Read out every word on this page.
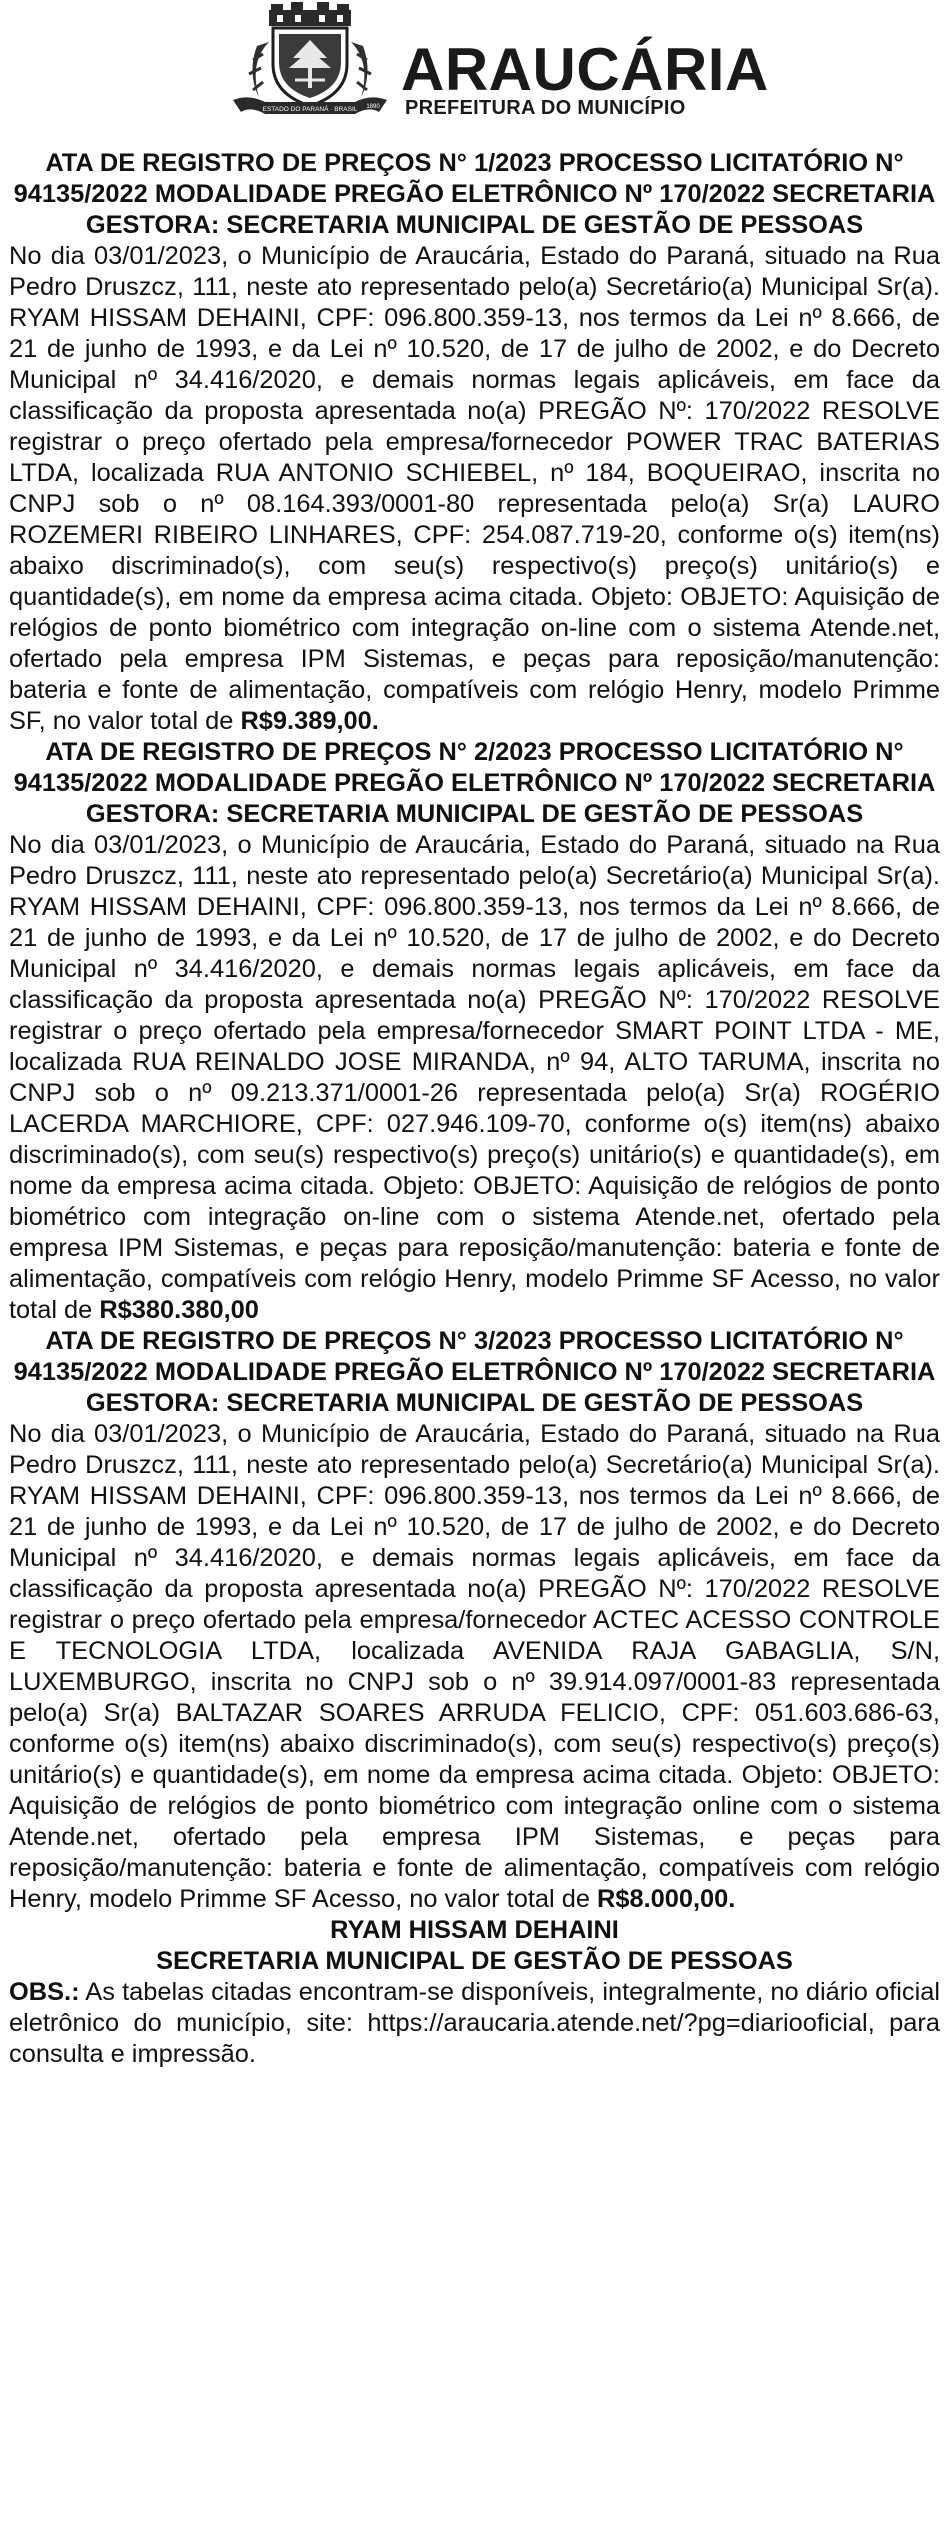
ESTADO DO PARANÁ · BRASIL 1890
ARAUCÁRIA
PREFEITURA DO MUNICÍPIO

ATA DE REGISTRO DE PREÇOS N° 1/2023 PROCESSO LICITATÓRIO N° 94135/2022 MODALIDADE PREGÃO ELETRÔNICO Nº 170/2022 SECRETARIA GESTORA: SECRETARIA MUNICIPAL DE GESTÃO DE PESSOAS

No dia 03/01/2023, o Município de Araucária, Estado do Paraná, situado na Rua Pedro Druszcz, 111, neste ato representado pelo(a) Secretário(a) Municipal Sr(a). RYAM HISSAM DEHAINI, CPF: 096.800.359-13, nos termos da Lei nº 8.666, de 21 de junho de 1993, e da Lei nº 10.520, de 17 de julho de 2002, e do Decreto Municipal nº 34.416/2020, e demais normas legais aplicáveis, em face da classificação da proposta apresentada no(a) PREGÃO Nº: 170/2022 RESOLVE registrar o preço ofertado pela empresa/fornecedor POWER TRAC BATERIAS LTDA, localizada RUA ANTONIO SCHIEBEL, nº 184, BOQUEIRAO, inscrita no CNPJ sob o nº 08.164.393/0001-80 representada pelo(a) Sr(a) LAURO ROZEMERI RIBEIRO LINHARES, CPF: 254.087.719-20, conforme o(s) item(ns) abaixo discriminado(s), com seu(s) respectivo(s) preço(s) unitário(s) e quantidade(s), em nome da empresa acima citada. Objeto: OBJETO: Aquisição de relógios de ponto biométrico com integração on-line com o sistema Atende.net, ofertado pela empresa IPM Sistemas, e peças para reposição/manutenção: bateria e fonte de alimentação, compatíveis com relógio Henry, modelo Primme SF, no valor total de R$9.389,00.

ATA DE REGISTRO DE PREÇOS N° 2/2023 PROCESSO LICITATÓRIO N° 94135/2022 MODALIDADE PREGÃO ELETRÔNICO Nº 170/2022 SECRETARIA GESTORA: SECRETARIA MUNICIPAL DE GESTÃO DE PESSOAS

No dia 03/01/2023, o Município de Araucária, Estado do Paraná, situado na Rua Pedro Druszcz, 111, neste ato representado pelo(a) Secretário(a) Municipal Sr(a). RYAM HISSAM DEHAINI, CPF: 096.800.359-13, nos termos da Lei nº 8.666, de 21 de junho de 1993, e da Lei nº 10.520, de 17 de julho de 2002, e do Decreto Municipal nº 34.416/2020, e demais normas legais aplicáveis, em face da classificação da proposta apresentada no(a) PREGÃO Nº: 170/2022 RESOLVE registrar o preço ofertado pela empresa/fornecedor SMART POINT LTDA - ME, localizada RUA REINALDO JOSE MIRANDA, nº 94, ALTO TARUMA, inscrita no CNPJ sob o nº 09.213.371/0001-26 representada pelo(a) Sr(a) ROGÉRIO LACERDA MARCHIORE, CPF: 027.946.109-70, conforme o(s) item(ns) abaixo discriminado(s), com seu(s) respectivo(s) preço(s) unitário(s) e quantidade(s), em nome da empresa acima citada. Objeto: OBJETO: Aquisição de relógios de ponto biométrico com integração on-line com o sistema Atende.net, ofertado pela empresa IPM Sistemas, e peças para reposição/manutenção: bateria e fonte de alimentação, compatíveis com relógio Henry, modelo Primme SF Acesso, no valor total de R$380.380,00

ATA DE REGISTRO DE PREÇOS N° 3/2023 PROCESSO LICITATÓRIO N° 94135/2022 MODALIDADE PREGÃO ELETRÔNICO Nº 170/2022 SECRETARIA GESTORA: SECRETARIA MUNICIPAL DE GESTÃO DE PESSOAS

No dia 03/01/2023, o Município de Araucária, Estado do Paraná, situado na Rua Pedro Druszcz, 111, neste ato representado pelo(a) Secretário(a) Municipal Sr(a). RYAM HISSAM DEHAINI, CPF: 096.800.359-13, nos termos da Lei nº 8.666, de 21 de junho de 1993, e da Lei nº 10.520, de 17 de julho de 2002, e do Decreto Municipal nº 34.416/2020, e demais normas legais aplicáveis, em face da classificação da proposta apresentada no(a) PREGÃO Nº: 170/2022 RESOLVE registrar o preço ofertado pela empresa/fornecedor ACTEC ACESSO CONTROLE E TECNOLOGIA LTDA, localizada AVENIDA RAJA GABAGLIA, S/N, LUXEMBURGO, inscrita no CNPJ sob o nº 39.914.097/0001-83 representada pelo(a) Sr(a) BALTAZAR SOARES ARRUDA FELICIO, CPF: 051.603.686-63, conforme o(s) item(ns) abaixo discriminado(s), com seu(s) respectivo(s) preço(s) unitário(s) e quantidade(s), em nome da empresa acima citada. Objeto: OBJETO: Aquisição de relógios de ponto biométrico com integração online com o sistema Atende.net, ofertado pela empresa IPM Sistemas, e peças para reposição/manutenção: bateria e fonte de alimentação, compatíveis com relógio Henry, modelo Primme SF Acesso, no valor total de R$8.000,00.

RYAM HISSAM DEHAINI

SECRETARIA MUNICIPAL DE GESTÃO DE PESSOAS

OBS.: As tabelas citadas encontram-se disponíveis, integralmente, no diário oficial eletrônico do município, site: https://araucaria.atende.net/?pg=diariooficial, para consulta e impressão.
